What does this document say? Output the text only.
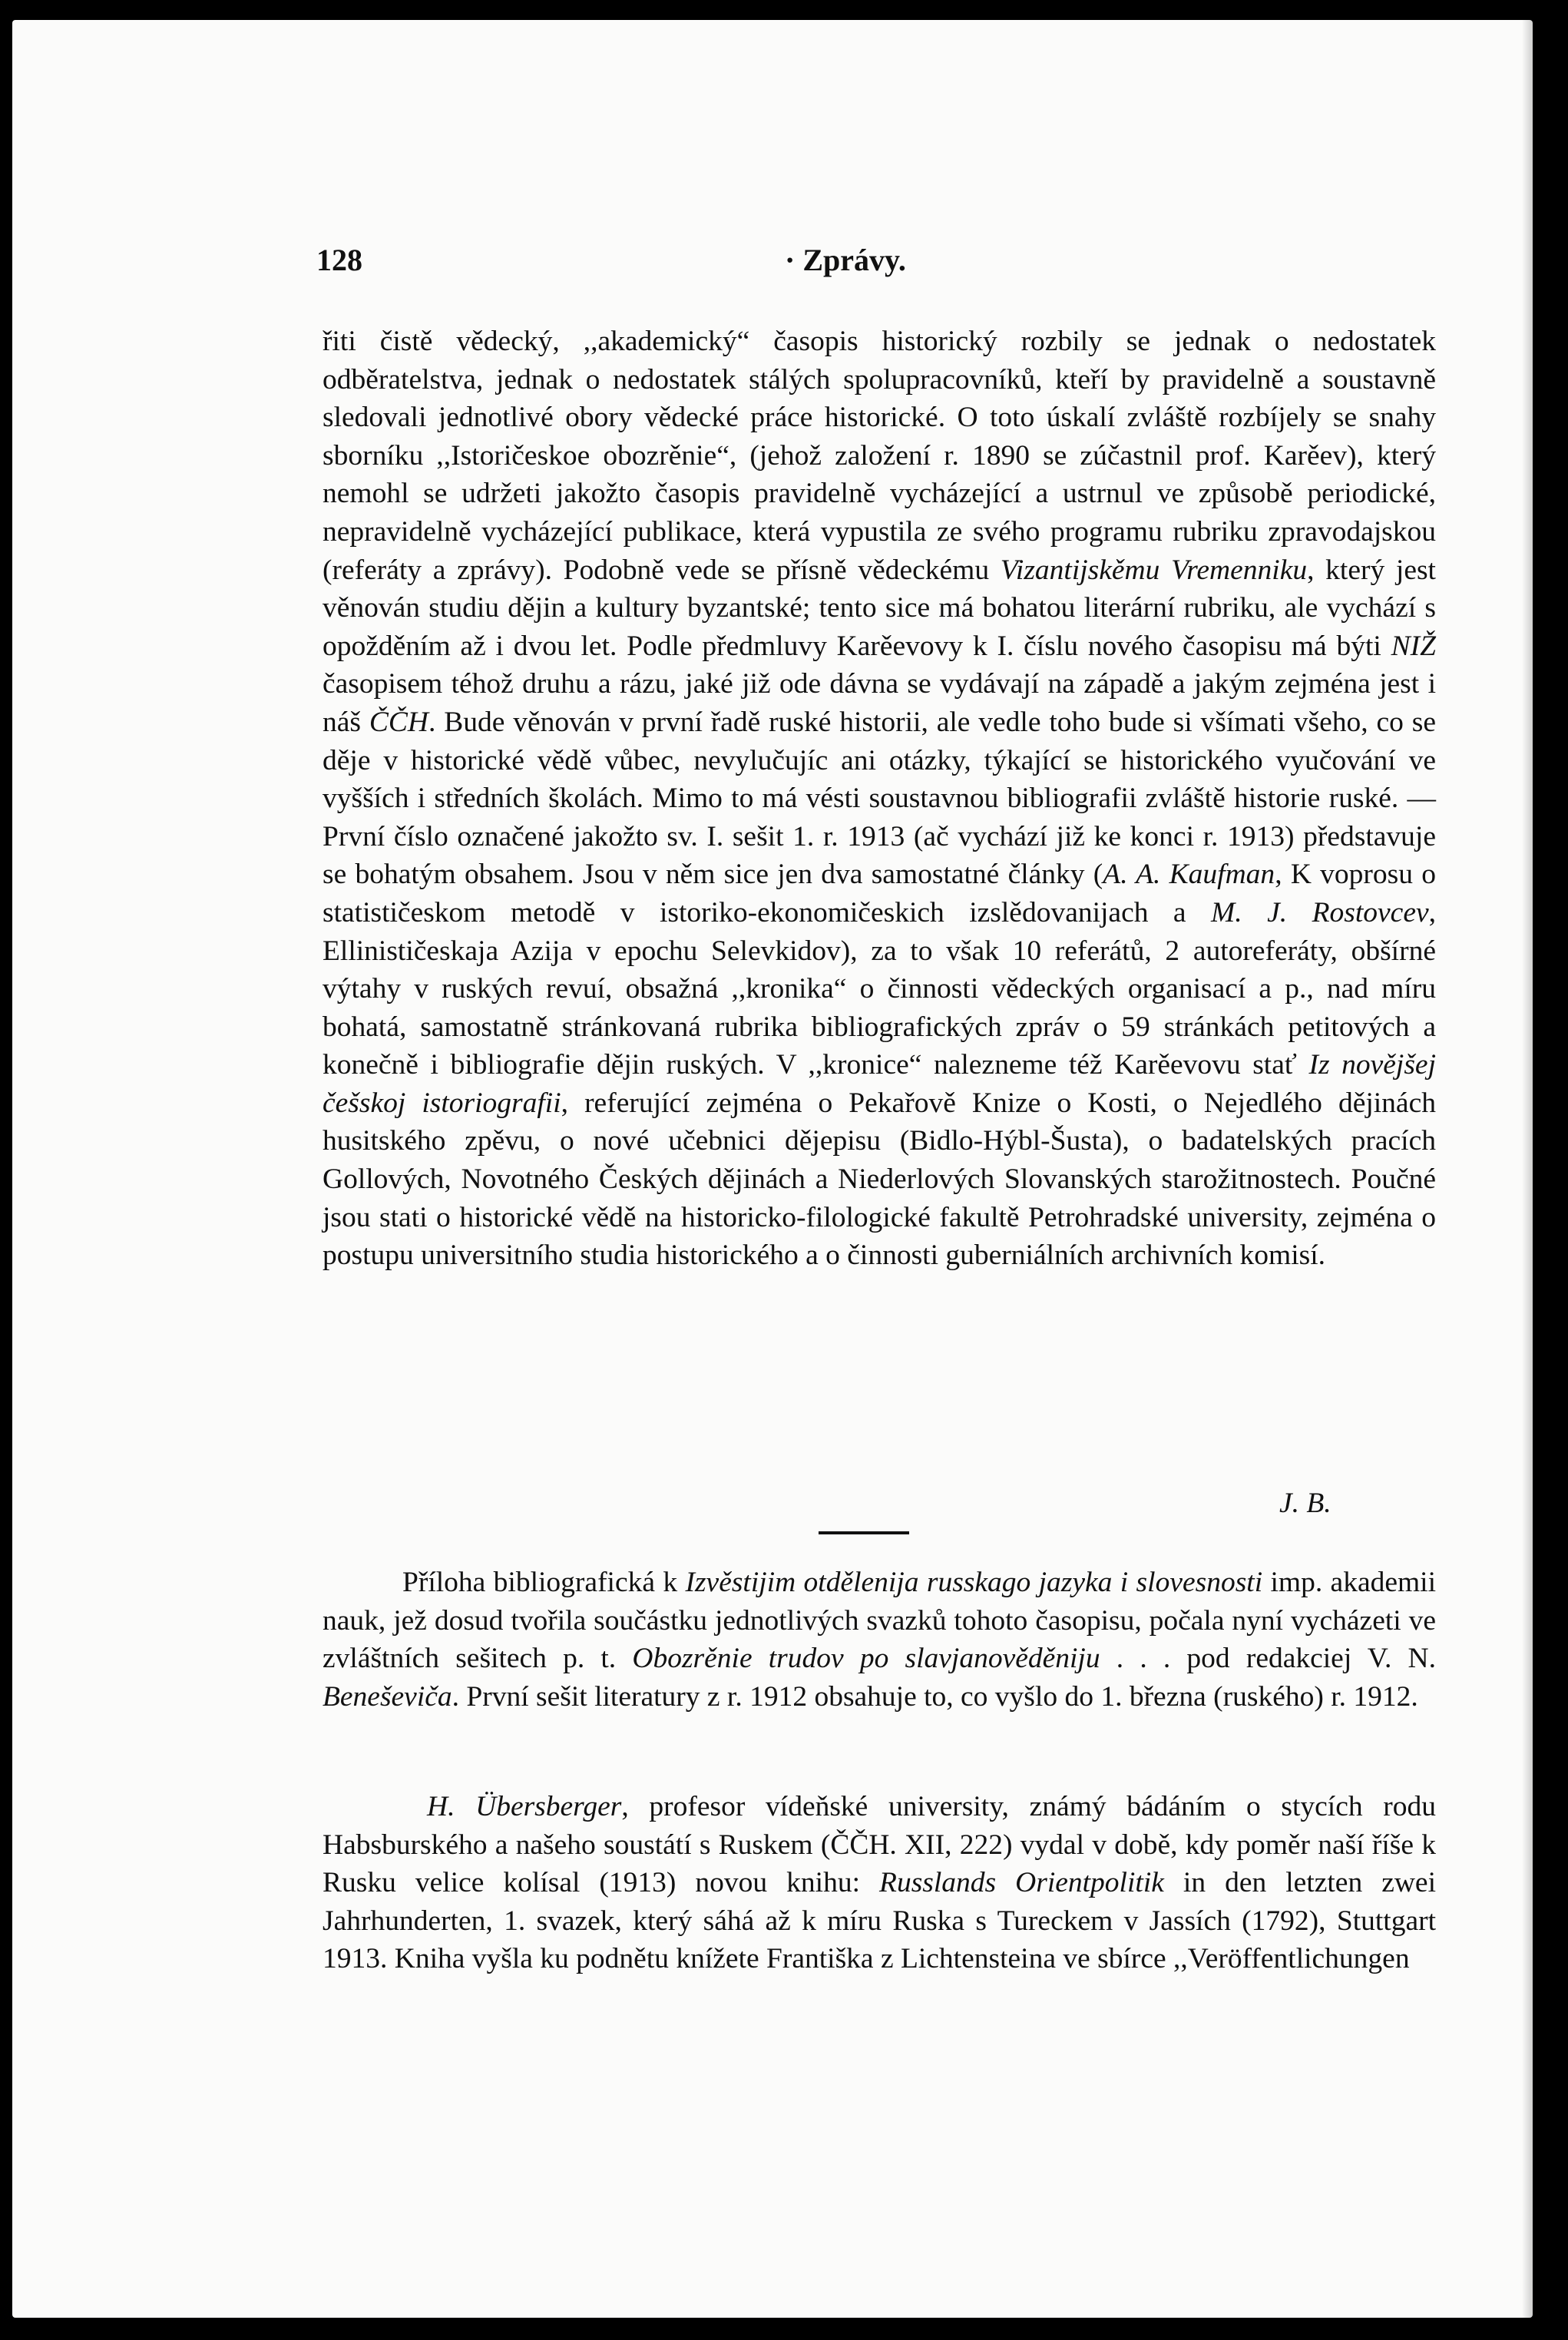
128	· Zprávy.
řiti čistě vědecký, ,,akademický“ časopis historický rozbily se jednak o nedostatek odběratelstva, jednak o nedostatek stálých spolupracovníků, kteří by pravidelně a soustavně sledovali jednotlivé obory vědecké práce historické. O toto úskalí zvláště rozbíjely se snahy sborníku ,,Istoričeskoe obozrěnie“, (jehož založení r. 1890 se zúčastnil prof. Karěev), který nemohl se udržeti jakožto časopis pravidelně vycházející a ustrnul ve způsobě periodické, nepravidelně vycházející publikace, která vypustila ze svého programu rubriku zpravodajskou (referáty a zprávy). Podobně vede se přísně vědeckému Vizantijskěmu Vremenniku, který jest věnován studiu dějin a kultury byzantské; tento sice má bohatou literární rubriku, ale vychází s opožděním až i dvou let. Podle předmluvy Karěevovy k I. číslu nového časopisu má býti NIŽ časopisem téhož druhu a rázu, jaké již ode dávna se vydávají na západě a jakým zejména jest i náš ČČH. Bude věnován v první řadě ruské historii, ale vedle toho bude si všímati všeho, co se děje v historické vědě vůbec, nevylučujíc ani otázky, týkající se historického vyučování ve vyšších i středních školách. Mimo to má vésti soustavnou bibliografii zvláště historie ruské. — První číslo označené jakožto sv. I. sešit 1. r. 1913 (ač vychází již ke konci r. 1913) představuje se bohatým obsahem. Jsou v něm sice jen dva samostatné články (A. A. Kaufman, K voprosu o statističeskom metodě v istoriko-ekonomičeskich izslědovanijach a M. J. Rostovcev, Ellinističeskaja Azija v epochu Selevkidov), za to však 10 referátů, 2 autoreferáty, obšírné výtahy v ruských revuí, obsažná ,,kronika“ o činnosti vědeckých organisací a p., nad míru bohatá, samostatně stránkovaná rubrika bibliografických zpráv o 59 stránkách petitových a konečně i bibliografie dějin ruských. V ,,kronice“ nalezneme též Karěevovu stať Iz novějšej češskoj istoriografii, referující zejména o Pekařově Knize o Kosti, o Nejedlého dějinách husitského zpěvu, o nové učebnici dějepisu (Bidlo-Hýbl-Šusta), o badatelských pracích Gollových, Novotného Českých dějinách a Niederlových Slovanských starožitnostech. Poučné jsou stati o historické vědě na historicko-filologické fakultě Petrohradské university, zejména o postupu universitního studia historického a o činnosti guberniálních archivních komisí.
J. B.
Příloha bibliografická k Izvěstijim otdělenija russkago jazyka i slovesnosti imp. akademii nauk, jež dosud tvořila součástku jednotlivých svazků tohoto časopisu, počala nyní vycházeti ve zvláštních sešitech p. t. Obozrěnie trudov po slavjanověděniju . . . pod redakciej V. N. Beneševiča. První sešit literatury z r. 1912 obsahuje to, co vyšlo do 1. března (ruského) r. 1912.
H. Übersberger, profesor vídeňské university, známý bádáním o stycích rodu Habsburského a našeho soustátí s Ruskem (ČČH. XII, 222) vydal v době, kdy poměr naší říše k Rusku velice kolísal (1913) novou knihu: Russlands Orientpolitik in den letzten zwei Jahrhunderten, 1. svazek, který sáhá až k míru Ruska s Tureckem v Jassích (1792), Stuttgart 1913. Kniha vyšla ku podnětu knížete Františka z Lichtensteina ve sbírce ,,Veröffentlichungen
